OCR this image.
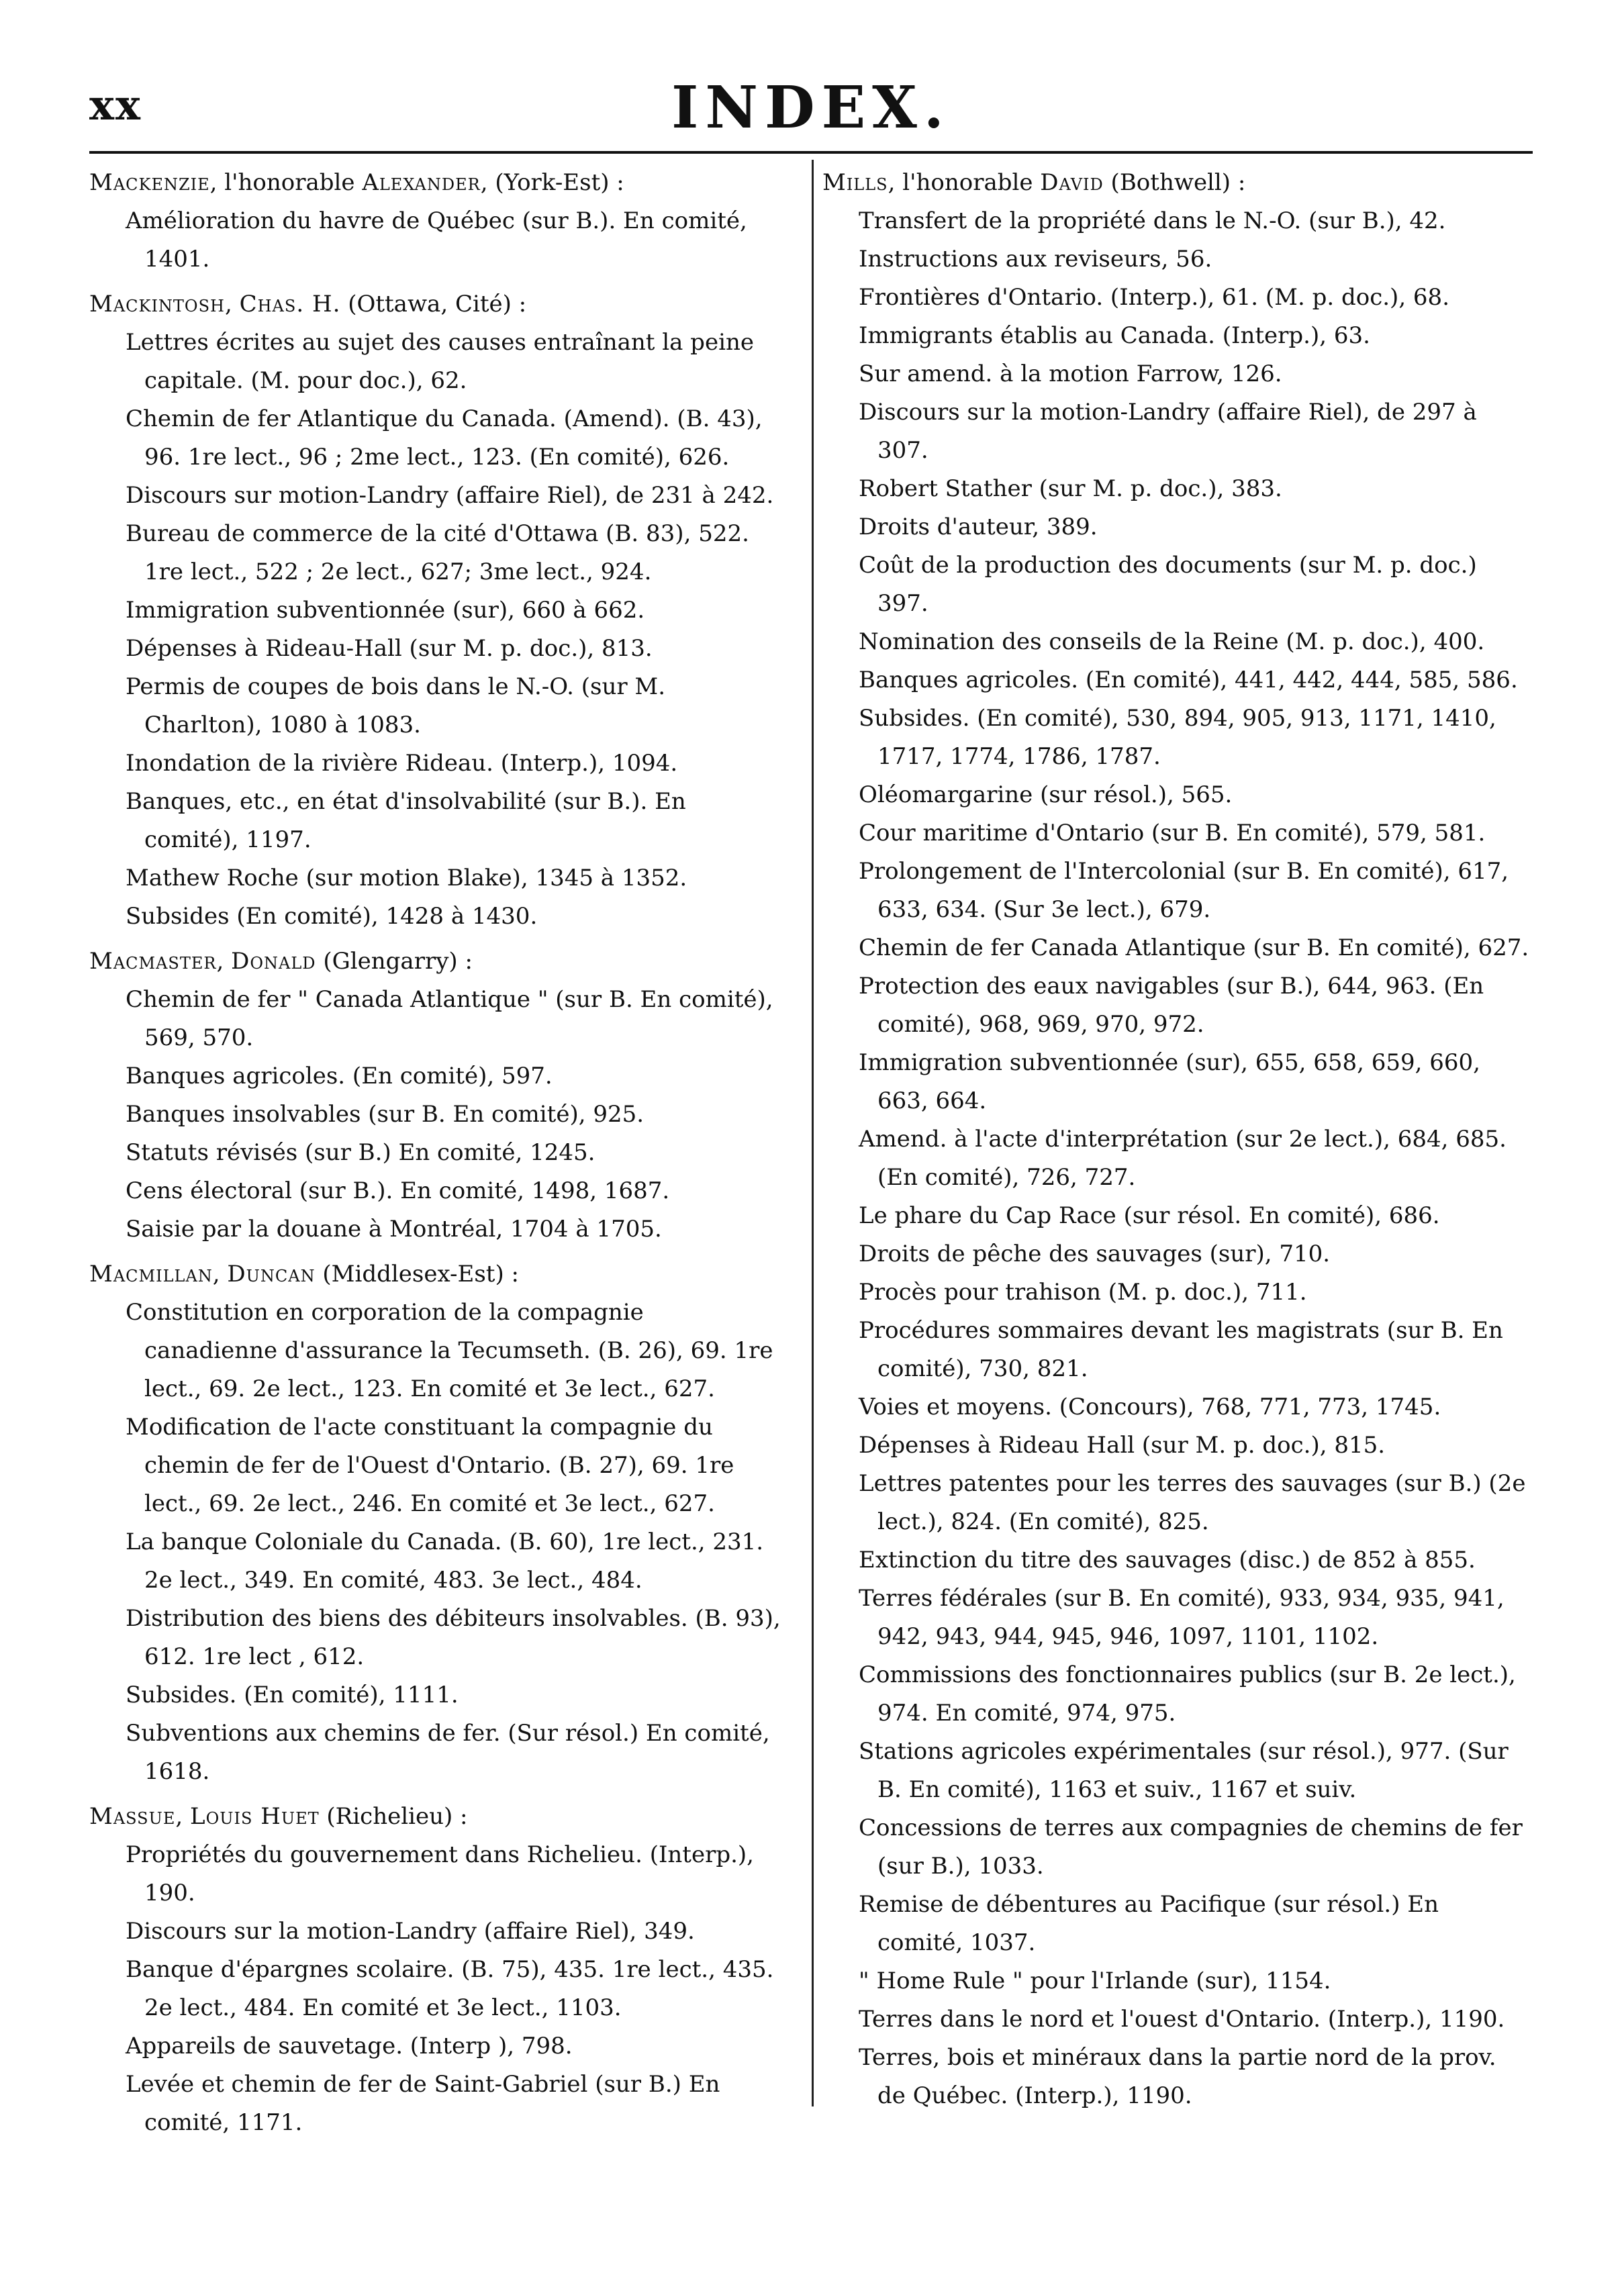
xx	INDEX.

Mackenzie, l'honorable Alexander, (York-Est) :

Amélioration du havre de Québec (sur B.). En comité, 1401.

Mackintosh, Chas. H. (Ottawa, Cité) :

Lettres écrites au sujet des causes entraînant la peine capitale. (M. pour doc.), 62.

Chemin de fer Atlantique du Canada. (Amend). (B. 43), 96. 1re lect., 96 ; 2me lect., 123. (En comité), 626.

Discours sur motion-Landry (affaire Riel), de 231 à 242.

Bureau de commerce de la cité d'Ottawa (B. 83), 522. 1re lect., 522 ; 2e lect., 627; 3me lect., 924.

Immigration subventionnée (sur), 660 à 662.

Dépenses à Rideau-Hall (sur M. p. doc.), 813.

Permis de coupes de bois dans le N.-O. (sur M. Charlton), 1080 à 1083.

Inondation de la rivière Rideau. (Interp.), 1094.

Banques, etc., en état d'insolvabilité (sur B.). En comité), 1197.

Mathew Roche (sur motion Blake), 1345 à 1352.

Subsides (En comité), 1428 à 1430.

Macmaster, Donald (Glengarry) :

Chemin de fer " Canada Atlantique " (sur B. En comité), 569, 570.

Banques agricoles. (En comité), 597.

Banques insolvables (sur B. En comité), 925.

Statuts révisés (sur B.) En comité, 1245.

Cens électoral (sur B.). En comité, 1498, 1687.

Saisie par la douane à Montréal, 1704 à 1705.

Macmillan, Duncan (Middlesex-Est) :

Constitution en corporation de la compagnie canadienne d'assurance la Tecumseth. (B. 26), 69. 1re lect., 69. 2e lect., 123. En comité et 3e lect., 627.

Modification de l'acte constituant la compagnie du chemin de fer de l'Ouest d'Ontario. (B. 27), 69. 1re lect., 69. 2e lect., 246. En comité et 3e lect., 627.

La banque Coloniale du Canada. (B. 60), 1re lect., 231. 2e lect., 349. En comité, 483. 3e lect., 484.

Distribution des biens des débiteurs insolvables. (B. 93), 612. 1re lect , 612.

Subsides. (En comité), 1111.

Subventions aux chemins de fer. (Sur résol.) En comité, 1618.

Massue, Louis Huet (Richelieu) :

Propriétés du gouvernement dans Richelieu. (Interp.), 190.

Discours sur la motion-Landry (affaire Riel), 349.

Banque d'épargnes scolaire. (B. 75), 435. 1re lect., 435. 2e lect., 484. En comité et 3e lect., 1103.

Appareils de sauvetage. (Interp ), 798.

Levée et chemin de fer de Saint-Gabriel (sur B.) En comité, 1171.

Mills, l'honorable David (Bothwell) :

Transfert de la propriété dans le N.-O. (sur B.), 42.

Instructions aux reviseurs, 56.

Frontières d'Ontario. (Interp.), 61. (M. p. doc.), 68.

Immigrants établis au Canada. (Interp.), 63.

Sur amend. à la motion Farrow, 126.

Discours sur la motion-Landry (affaire Riel), de 297 à 307.

Robert Stather (sur M. p. doc.), 383.

Droits d'auteur, 389.

Coût de la production des documents (sur M. p. doc.) 397.

Nomination des conseils de la Reine (M. p. doc.), 400.

Banques agricoles. (En comité), 441, 442, 444, 585, 586.

Subsides. (En comité), 530, 894, 905, 913, 1171, 1410, 1717, 1774, 1786, 1787.

Oléomargarine (sur résol.), 565.

Cour maritime d'Ontario (sur B. En comité), 579, 581.

Prolongement de l'Intercolonial (sur B. En comité), 617, 633, 634. (Sur 3e lect.), 679.

Chemin de fer Canada Atlantique (sur B. En comité), 627.

Protection des eaux navigables (sur B.), 644, 963. (En comité), 968, 969, 970, 972.

Immigration subventionnée (sur), 655, 658, 659, 660, 663, 664.

Amend. à l'acte d'interprétation (sur 2e lect.), 684, 685. (En comité), 726, 727.

Le phare du Cap Race (sur résol. En comité), 686.

Droits de pêche des sauvages (sur), 710.

Procès pour trahison (M. p. doc.), 711.

Procédures sommaires devant les magistrats (sur B. En comité), 730, 821.

Voies et moyens. (Concours), 768, 771, 773, 1745.

Dépenses à Rideau Hall (sur M. p. doc.), 815.

Lettres patentes pour les terres des sauvages (sur B.) (2e lect.), 824. (En comité), 825.

Extinction du titre des sauvages (disc.) de 852 à 855.

Terres fédérales (sur B. En comité), 933, 934, 935, 941, 942, 943, 944, 945, 946, 1097, 1101, 1102.

Commissions des fonctionnaires publics (sur B. 2e lect.), 974. En comité, 974, 975.

Stations agricoles expérimentales (sur résol.), 977. (Sur B. En comité), 1163 et suiv., 1167 et suiv.

Concessions de terres aux compagnies de chemins de fer (sur B.), 1033.

Remise de débentures au Pacifique (sur résol.) En comité, 1037.

" Home Rule " pour l'Irlande (sur), 1154.

Terres dans le nord et l'ouest d'Ontario. (Interp.), 1190.

Terres, bois et minéraux dans la partie nord de la prov. de Québec. (Interp.), 1190.
